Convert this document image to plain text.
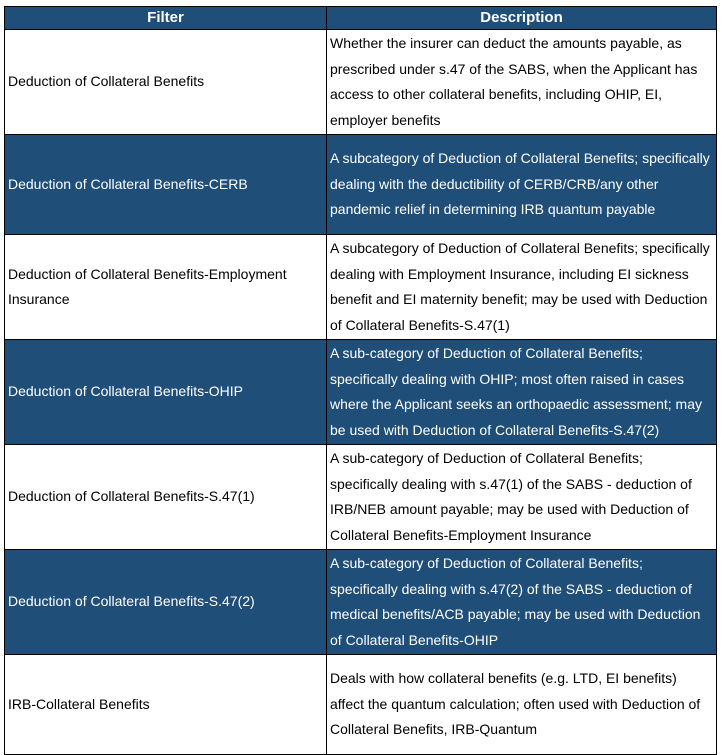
Filter	Description
Deduction of Collateral Benefits	Whether the insurer can deduct the amounts payable, as prescribed under s.47 of the SABS, when the Applicant has access to other collateral benefits, including OHIP, EI, employer benefits
Deduction of Collateral Benefits-CERB	A subcategory of Deduction of Collateral Benefits; specifically dealing with the deductibility of CERB/CRB/any other pandemic relief in determining IRB quantum payable
Deduction of Collateral Benefits-Employment Insurance	A subcategory of Deduction of Collateral Benefits; specifically dealing with Employment Insurance, including EI sickness benefit and EI maternity benefit; may be used with Deduction of Collateral Benefits-S.47(1)
Deduction of Collateral Benefits-OHIP	A sub-category of Deduction of Collateral Benefits; specifically dealing with OHIP; most often raised in cases where the Applicant seeks an orthopaedic assessment; may be used with Deduction of Collateral Benefits-S.47(2)
Deduction of Collateral Benefits-S.47(1)	A sub-category of Deduction of Collateral Benefits; specifically dealing with s.47(1) of the SABS - deduction of IRB/NEB amount payable; may be used with Deduction of Collateral Benefits-Employment Insurance
Deduction of Collateral Benefits-S.47(2)	A sub-category of Deduction of Collateral Benefits; specifically dealing with s.47(2) of the SABS - deduction of medical benefits/ACB payable; may be used with Deduction of Collateral Benefits-OHIP
IRB-Collateral Benefits	Deals with how collateral benefits (e.g. LTD, EI benefits) affect the quantum calculation; often used with Deduction of Collateral Benefits, IRB-Quantum
